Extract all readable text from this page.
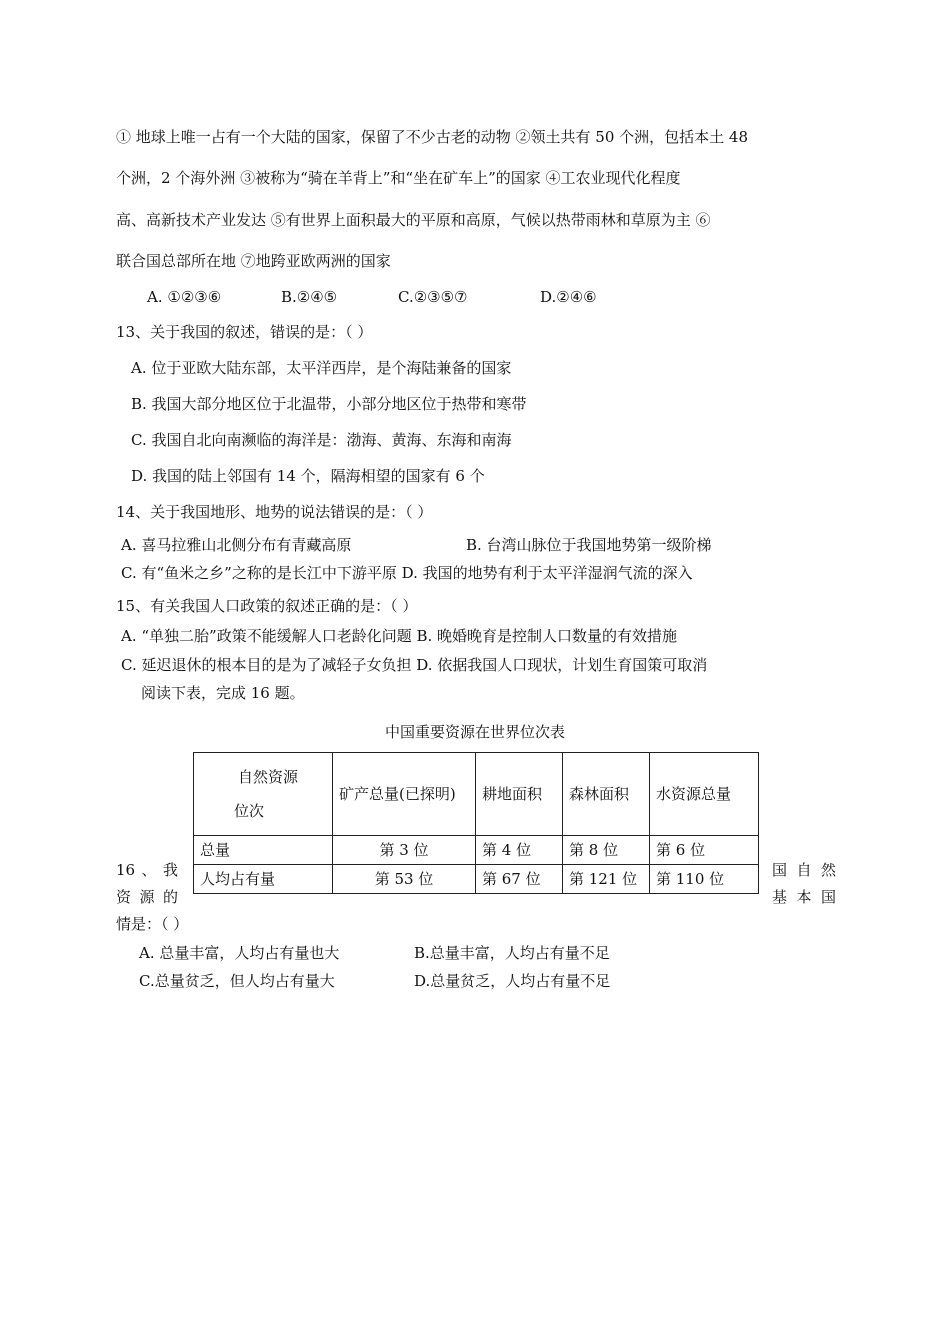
① 地球上唯一占有一个大陆的国家，保留了不少古老的动物 ②领土共有 50 个洲，包括本土 48
个洲，2 个海外洲 ③被称为“骑在羊背上”和“坐在矿车上”的国家 ④工农业现代化程度
高、高新技术产业发达 ⑤有世界上面积最大的平原和高原，气候以热带雨林和草原为主 ⑥
联合国总部所在地 ⑦地跨亚欧两洲的国家
A. ①②③⑥	B.②④⑤	C.②③⑤⑦	D.②④⑥
13、关于我国的叙述，错误的是：（ ）
A. 位于亚欧大陆东部，太平洋西岸，是个海陆兼备的国家
B. 我国大部分地区位于北温带，小部分地区位于热带和寒带
C. 我国自北向南濒临的海洋是：渤海、黄海、东海和南海
D. 我国的陆上邻国有 14 个，隔海相望的国家有 6 个
14、关于我国地形、地势的说法错误的是：（ ）
A. 喜马拉雅山北侧分布有青藏高原	B. 台湾山脉位于我国地势第一级阶梯
C. 有“鱼米之乡”之称的是长江中下游平原 D. 我国的地势有利于太平洋湿润气流的深入
15、有关我国人口政策的叙述正确的是：（ ）
A. “单独二胎”政策不能缓解人口老龄化问题 B. 晚婚晚育是控制人口数量的有效措施
C. 延迟退休的根本目的是为了减轻子女负担 D. 依据我国人口现状，计划生育国策可取消
阅读下表，完成 16 题。
中国重要资源在世界位次表
自然资源
位次	矿产总量(已探明)	耕地面积	森林面积	水资源总量
总量	第 3 位	第 4 位	第 8 位	第 6 位
人均占有量	第 53 位	第 67 位	第 121 位	第 110 位
16 、 我
资 源 的
国 自 然
基 本 国
情是：（ ）
A. 总量丰富，人均占有量也大	B.总量丰富，人均占有量不足
C.总量贫乏，但人均占有量大	D.总量贫乏，人均占有量不足
